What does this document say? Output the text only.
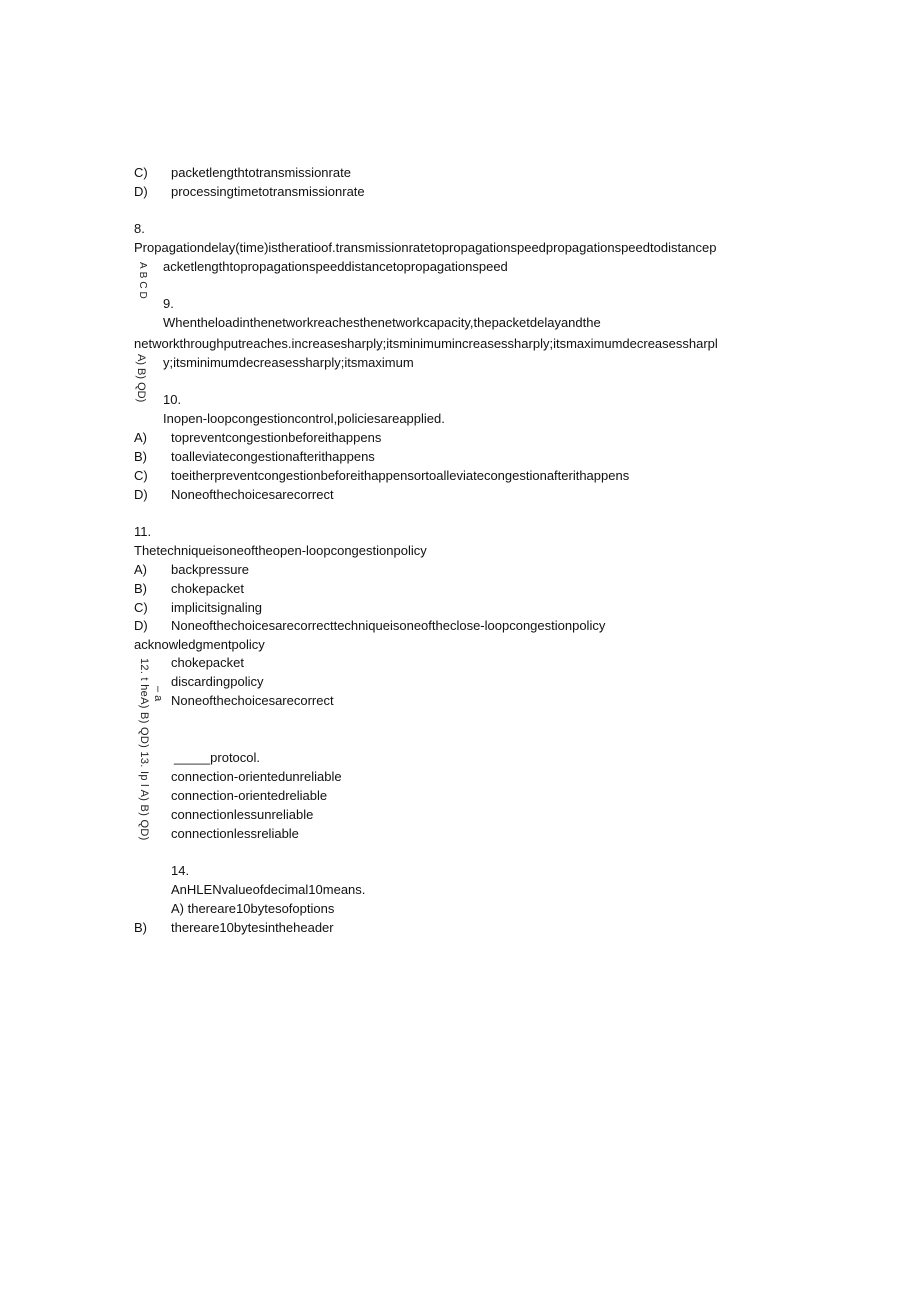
C) packetlengthtotransmissionrate
D) processingtimetotransmissionrate
8.
Propagationdelay(time)istheratioof.transmissionratetopropagationspeedpropagationspeedtodistancep
acketlengthtopropagationspeeddistancetopropagationspeed
ABCD
9.
Whentheloadinthenetworkreachesthenetworkcapacity,thepacketdelayandthe
networkthroughputreaches.increasesharply;itsminimumincreasessharply;itsmaximumdecreasessharpl
y;itsminimumdecreasessharply;itsmaximum
A) B) QD) 10.
Inopen-loopcongestioncontrol,policiesareapplied.
A) topreventcongestionbeforeithappens
B) toalleviatecongestionafterithappens
C) toeitherpreventcongestionbeforeithappensortoalleviatecongestionafterithappens
D) Noneofthechoicesarecorrect
11.
Thetechniqueisoneoftheopen-loopcongestionpolicy
A) backpressure
B) chokepacket
C) implicitsignaling
D) Noneofthechoicesarecorrecttechniqueisoneoftheclose-loopcongestionpolicy
acknowledgmentpolicy
chokepacket
discardingpolicy
Noneofthechoicesarecorrect
12. t heA) B) QD) 13. Ip l A) B) QD) – a
_____protocol.
connection-orientedunreliable
connection-orientedreliable
connectionlessunreliable
connectionlessreliable
14.
AnHLENvalueofdecimal10means.
A) thereare10bytesofoptions
B) thereare10bytesintheheader
